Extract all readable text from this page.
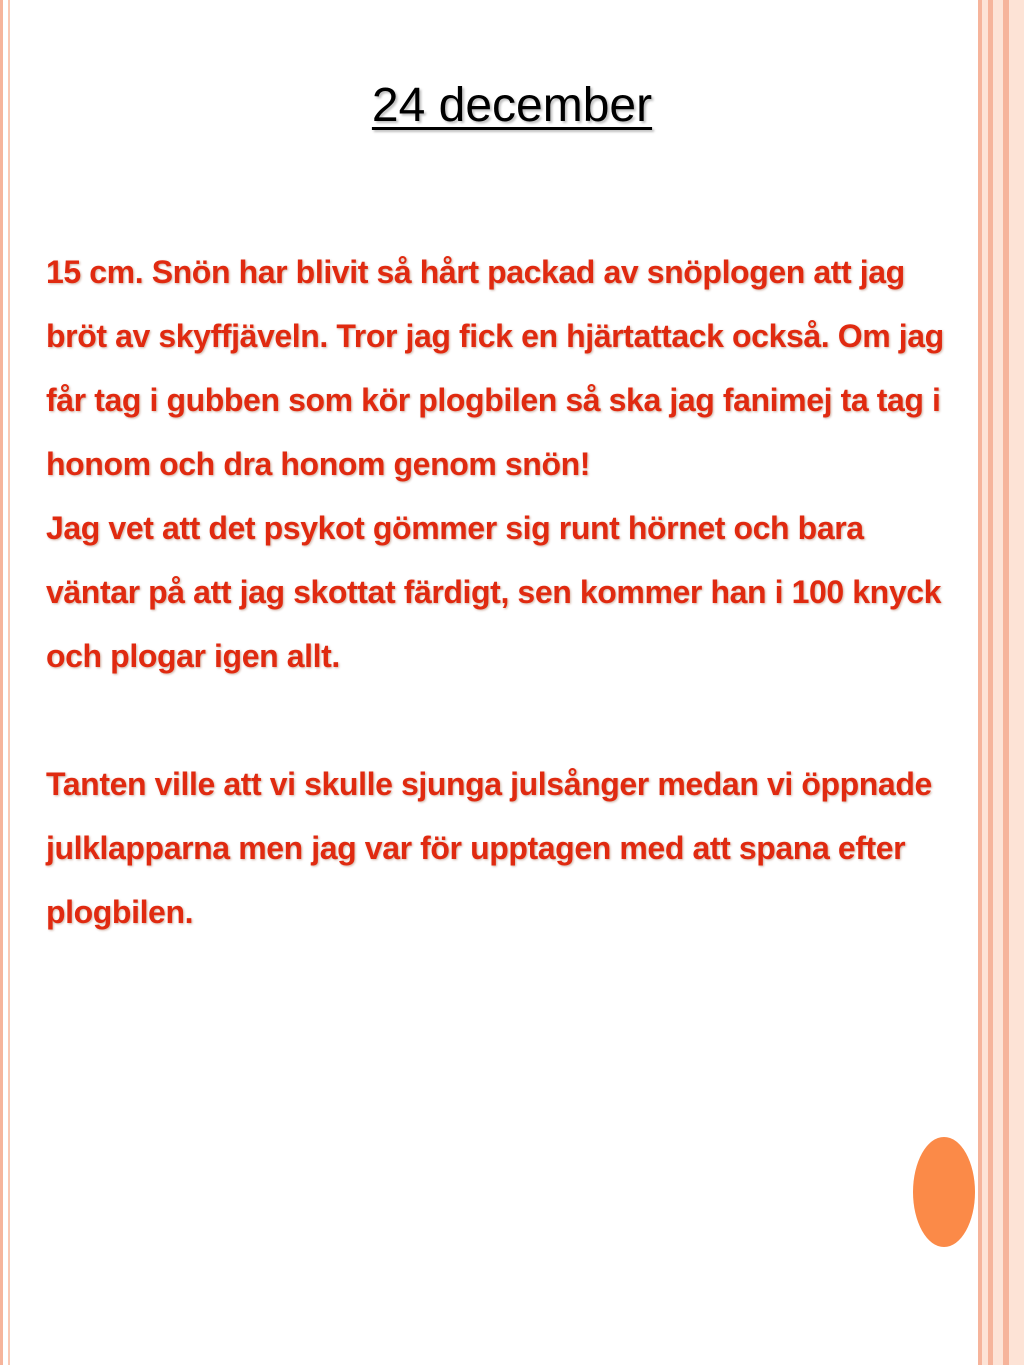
24 december

15 cm. Snön har blivit så hårt packad av snöplogen att jag bröt av skyffjäveln. Tror jag fick en hjärtattack också. Om jag får tag i gubben som kör plogbilen så ska jag fanimej ta tag i honom och dra honom genom snön!

Jag vet att det psykot gömmer sig runt hörnet och bara väntar på att jag skottat färdigt, sen kommer han i 100 knyck och plogar igen allt.

Tanten ville att vi skulle sjunga julsånger medan vi öppnade julklapparna men jag var för upptagen med att spana efter plogbilen.
